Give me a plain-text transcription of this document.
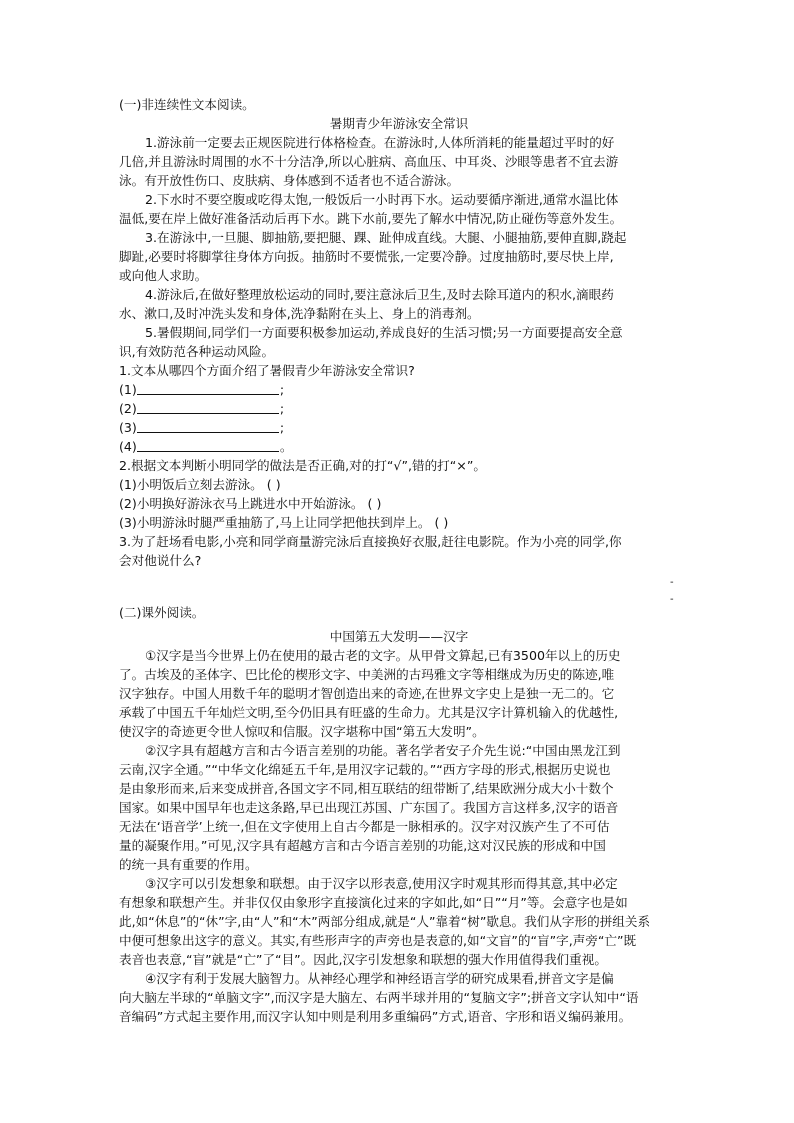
(一)非连续性文本阅读。
暑期青少年游泳安全常识
1.游泳前一定要去正规医院进行体格检查。在游泳时,人体所消耗的能量超过平时的好
几倍,并且游泳时周围的水不十分洁净,所以心脏病、高血压、中耳炎、沙眼等患者不宜去游
泳。有开放性伤口、皮肤病、身体感到不适者也不适合游泳。
2.下水时不要空腹或吃得太饱,一般饭后一小时再下水。运动要循序渐进,通常水温比体
温低,要在岸上做好准备活动后再下水。跳下水前,要先了解水中情况,防止碰伤等意外发生。
3.在游泳中,一旦腿、脚抽筋,要把腿、踝、趾伸成直线。大腿、小腿抽筋,要伸直脚,跷起
脚趾,必要时将脚掌往身体方向扳。抽筋时不要慌张,一定要冷静。过度抽筋时,要尽快上岸,
或向他人求助。
4.游泳后,在做好整理放松运动的同时,要注意泳后卫生,及时去除耳道内的积水,滴眼药
水、漱口,及时冲洗头发和身体,洗净黏附在头上、身上的消毒剂。
5.暑假期间,同学们一方面要积极参加运动,养成良好的生活习惯;另一方面要提高安全意
识,有效防范各种运动风险。
1.文本从哪四个方面介绍了暑假青少年游泳安全常识?
(1)	;
(2)	;
(3)	;
(4)	。
2.根据文本判断小明同学的做法是否正确,对的打“√”,错的打“×”。
(1)小明饭后立刻去游泳。 ( )
(2)小明换好游泳衣马上跳进水中开始游泳。 ( )
(3)小明游泳时腿严重抽筋了,马上让同学把他扶到岸上。 ( )
3.为了赶场看电影,小亮和同学商量游完泳后直接换好衣服,赶往电影院。作为小亮的同学,你
会对他说什么?
-
-
(二)课外阅读。
中国第五大发明——汉字
①汉字是当今世界上仍在使用的最古老的文字。从甲骨文算起,已有3500年以上的历史
了。古埃及的圣体字、巴比伦的楔形文字、中美洲的古玛雅文字等相继成为历史的陈迹,唯
汉字独存。中国人用数千年的聪明才智创造出来的奇迹,在世界文字史上是独一无二的。它
承载了中国五千年灿烂文明,至今仍旧具有旺盛的生命力。尤其是汉字计算机输入的优越性,
使汉字的奇迹更令世人惊叹和信服。汉字堪称中国“第五大发明”。
②汉字具有超越方言和古今语言差别的功能。著名学者安子介先生说:“中国由黑龙江到
云南,汉字全通。”“中华文化绵延五千年,是用汉字记载的。”“西方字母的形式,根据历史说也
是由象形而来,后来变成拼音,各国文字不同,相互联结的纽带断了,结果欧洲分成大小十数个
国家。如果中国早年也走这条路,早已出现江苏国、广东国了。我国方言这样多,汉字的语音
无法在‘语音学’上统一,但在文字使用上自古今都是一脉相承的。汉字对汉族产生了不可估
量的凝聚作用。”可见,汉字具有超越方言和古今语言差别的功能,这对汉民族的形成和中国
的统一具有重要的作用。
③汉字可以引发想象和联想。由于汉字以形表意,使用汉字时观其形而得其意,其中必定
有想象和联想产生。并非仅仅由象形字直接演化过来的字如此,如“日”“月”等。会意字也是如
此,如“休息”的“休”字,由“人”和“木”两部分组成,就是“人”靠着“树”歇息。我们从字形的拼组关系
中便可想象出这字的意义。其实,有些形声字的声旁也是表意的,如“文盲”的“盲”字,声旁“亡”既
表音也表意,“盲”就是“亡”了“目”。因此,汉字引发想象和联想的强大作用值得我们重视。
④汉字有利于发展大脑智力。从神经心理学和神经语言学的研究成果看,拼音文字是偏
向大脑左半球的“单脑文字”,而汉字是大脑左、右两半球并用的“复脑文字”;拼音文字认知中“语
音编码”方式起主要作用,而汉字认知中则是利用多重编码”方式,语音、字形和语义编码兼用。
